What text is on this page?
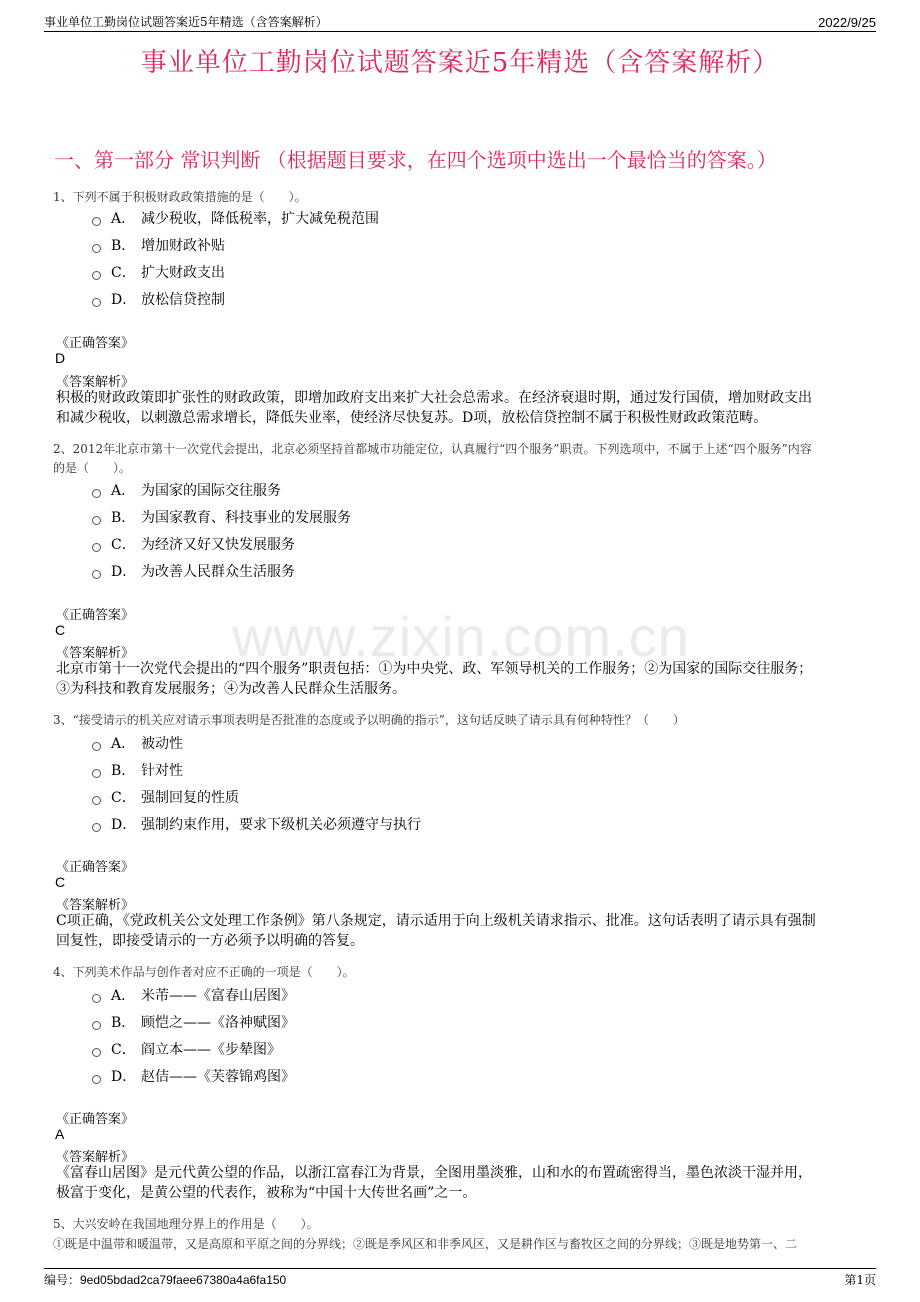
事业单位工勤岗位试题答案近5年精选（含答案解析）	2022/9/25
事业单位工勤岗位试题答案近5年精选（含答案解析）
一、第一部分 常识判断 （根据题目要求，在四个选项中选出一个最恰当的答案。）
www.zixin.com.cn
1、下列不属于积极财政政策措施的是（　　）。
A． 减少税收，降低税率，扩大减免税范围
B． 增加财政补贴
C． 扩大财政支出
D． 放松信贷控制
《正确答案》
D
《答案解析》
积极的财政政策即扩张性的财政政策，即增加政府支出来扩大社会总需求。在经济衰退时期，通过发行国债，增加财政支出
和减少税收，以刺激总需求增长，降低失业率，使经济尽快复苏。D项，放松信贷控制不属于积极性财政政策范畴。
2、2012年北京市第十一次党代会提出，北京必须坚持首都城市功能定位，认真履行“四个服务”职责。下列选项中，不属于上述“四个服务”内容
的是（　　）。
A． 为国家的国际交往服务
B． 为国家教育、科技事业的发展服务
C． 为经济又好又快发展服务
D． 为改善人民群众生活服务
《正确答案》
C
《答案解析》
北京市第十一次党代会提出的“四个服务”职责包括：①为中央党、政、军领导机关的工作服务；②为国家的国际交往服务；
③为科技和教育发展服务；④为改善人民群众生活服务。
3、“接受请示的机关应对请示事项表明是否批准的态度或予以明确的指示”，这句话反映了请示具有何种特性？（　　）
A． 被动性
B． 针对性
C． 强制回复的性质
D． 强制约束作用，要求下级机关必须遵守与执行
《正确答案》
C
《答案解析》
C项正确，《党政机关公文处理工作条例》第八条规定，请示适用于向上级机关请求指示、批准。这句话表明了请示具有强制
回复性，即接受请示的一方必须予以明确的答复。
4、下列美术作品与创作者对应不正确的一项是（　　）。
A． 米芾——《富春山居图》
B． 顾恺之——《洛神赋图》
C． 阎立本——《步辇图》
D． 赵佶——《芙蓉锦鸡图》
《正确答案》
A
《答案解析》
《富春山居图》是元代黄公望的作品，以浙江富春江为背景，全图用墨淡雅，山和水的布置疏密得当，墨色浓淡干湿并用，
极富于变化，是黄公望的代表作，被称为“中国十大传世名画”之一。
5、大兴安岭在我国地理分界上的作用是（　　）。
①既是中温带和暖温带，又是高原和平原之间的分界线；②既是季风区和非季风区，又是耕作区与畜牧区之间的分界线；③既是地势第一、二
编号：9ed05bdad2ca79faee67380a4a6fa150	第1页
